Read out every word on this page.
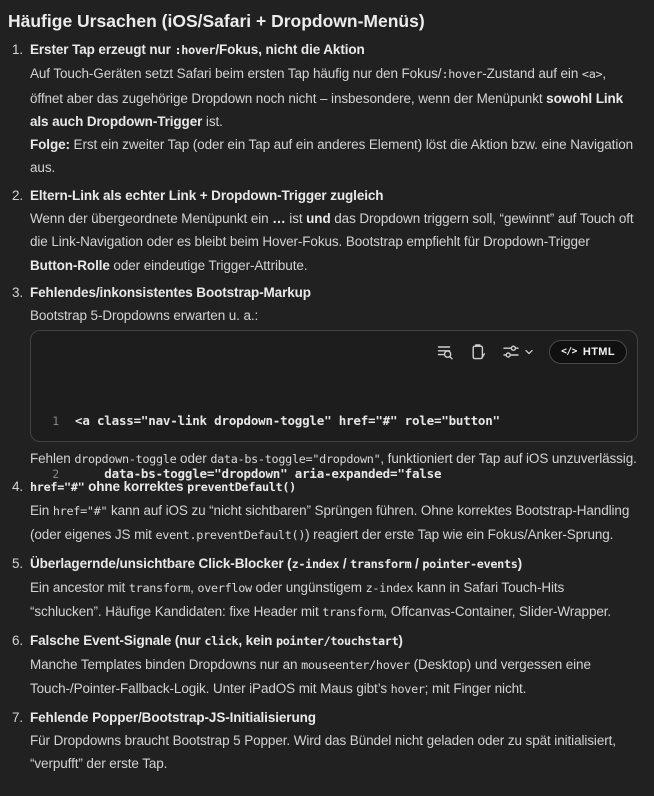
Häufige Ursachen (iOS/Safari + Dropdown-Menüs)
1. Erster Tap erzeugt nur :hover/Fokus, nicht die Aktion

Auf Touch-Geräten setzt Safari beim ersten Tap häufig nur den Fokus/:hover-Zustand auf ein <a>, öffnet aber das zugehörige Dropdown noch nicht – insbesondere, wenn der Menüpunkt sowohl Link als auch Dropdown-Trigger ist.

Folge: Erst ein zweiter Tap (oder ein Tap auf ein anderes Element) löst die Aktion bzw. eine Navigation aus.

2. Eltern-Link als echter Link + Dropdown-Trigger zugleich

Wenn der übergeordnete Menüpunkt ein … ist und das Dropdown triggern soll, “gewinnt” auf Touch oft die Link-Navigation oder es bleibt beim Hover-Fokus. Bootstrap empfiehlt für Dropdown-Trigger Button-Rolle oder eindeutige Trigger-Attribute.

3. Fehlendes/inkonsistentes Bootstrap-Markup

Bootstrap 5-Dropdowns erwarten u. a.:

</> HTML

1 <a class="nav-link dropdown-toggle" href="#" role="button"

2    data-bs-toggle="dropdown" aria-expanded="false

Fehlen dropdown-toggle oder data-bs-toggle="dropdown", funktioniert der Tap auf iOS unzuverlässig.

4. href="#" ohne korrektes preventDefault()

Ein href="#" kann auf iOS zu “nicht sichtbaren” Sprüngen führen. Ohne korrektes Bootstrap-Handling (oder eigenes JS mit event.preventDefault()) reagiert der erste Tap wie ein Fokus/Anker-Sprung.

5. Überlagernde/unsichtbare Click-Blocker (z-index / transform / pointer-events)

Ein ancestor mit transform, overflow oder ungünstigem z-index kann in Safari Touch-Hits “schlucken”. Häufige Kandidaten: fixe Header mit transform, Offcanvas-Container, Slider-Wrapper.

6. Falsche Event-Signale (nur click, kein pointer/touchstart)

Manche Templates binden Dropdowns nur an mouseenter/hover (Desktop) und vergessen eine Touch-/Pointer-Fallback-Logik. Unter iPadOS mit Maus gibt’s hover; mit Finger nicht.

7. Fehlende Popper/Bootstrap-JS-Initialisierung

Für Dropdowns braucht Bootstrap 5 Popper. Wird das Bündel nicht geladen oder zu spät initialisiert, “verpufft” der erste Tap.
